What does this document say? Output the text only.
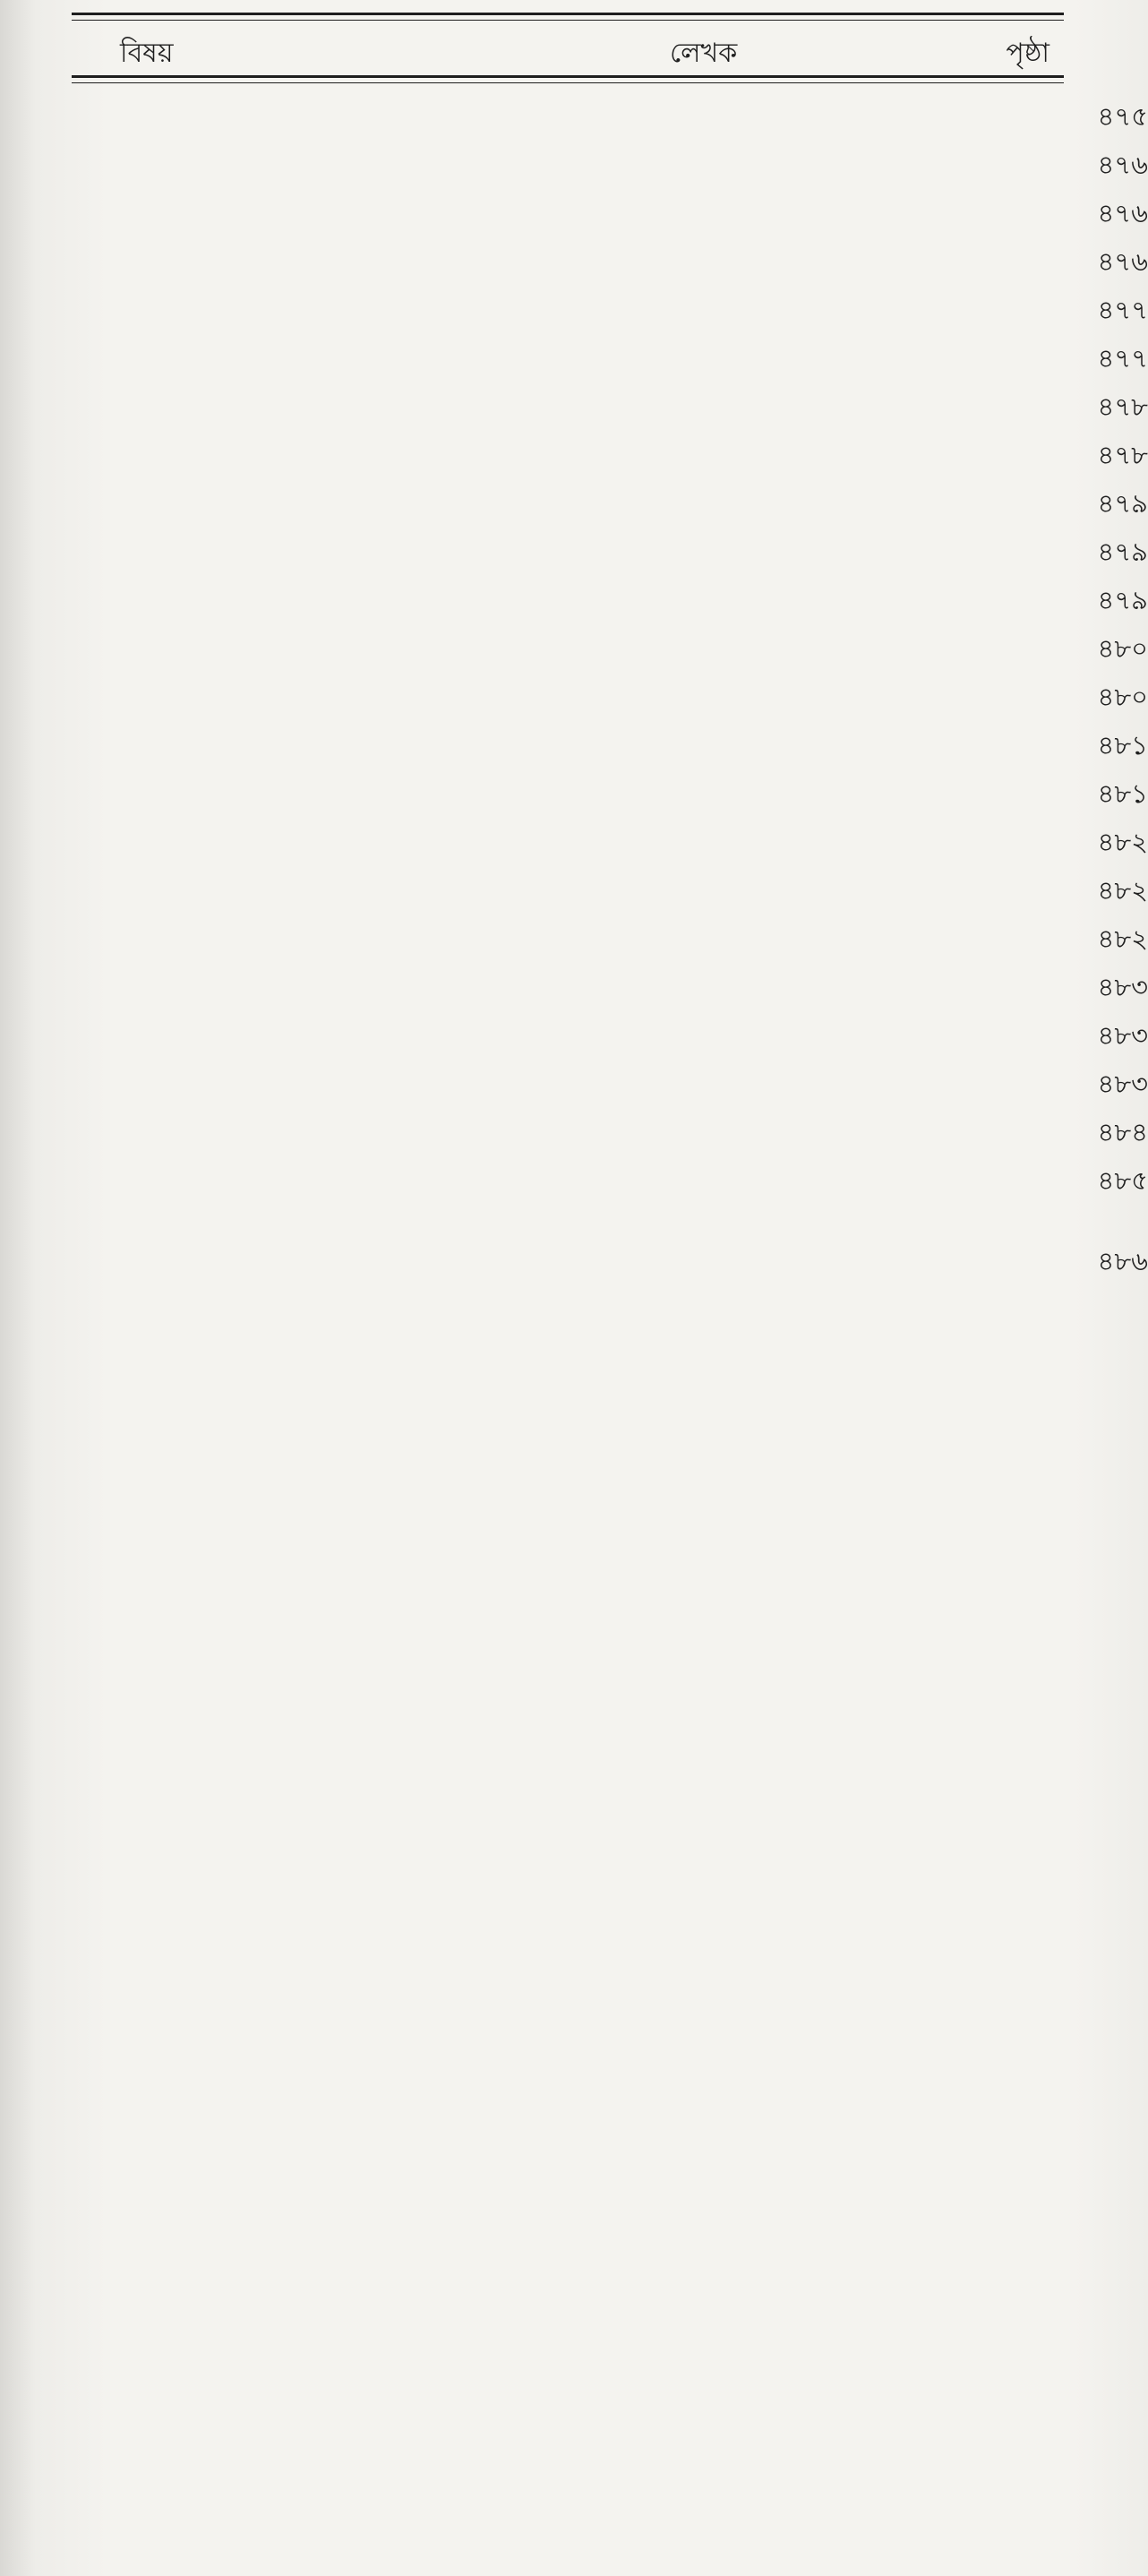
বিষয়	লেখক	পৃষ্ঠা
৪৭৫
৪৭৬
৪৭৬
৪৭৬
৪৭৭
৪৭৭
৪৭৮
৪৭৮
৪৭৯
৪৭৯
৪৭৯
৪৮০
৪৮০
৪৮১
৪৮১
৪৮২
৪৮২
৪৮২
৪৮৩
৪৮৩
৪৮৩
৪৮৪
৪৮৫
৪৮৬
